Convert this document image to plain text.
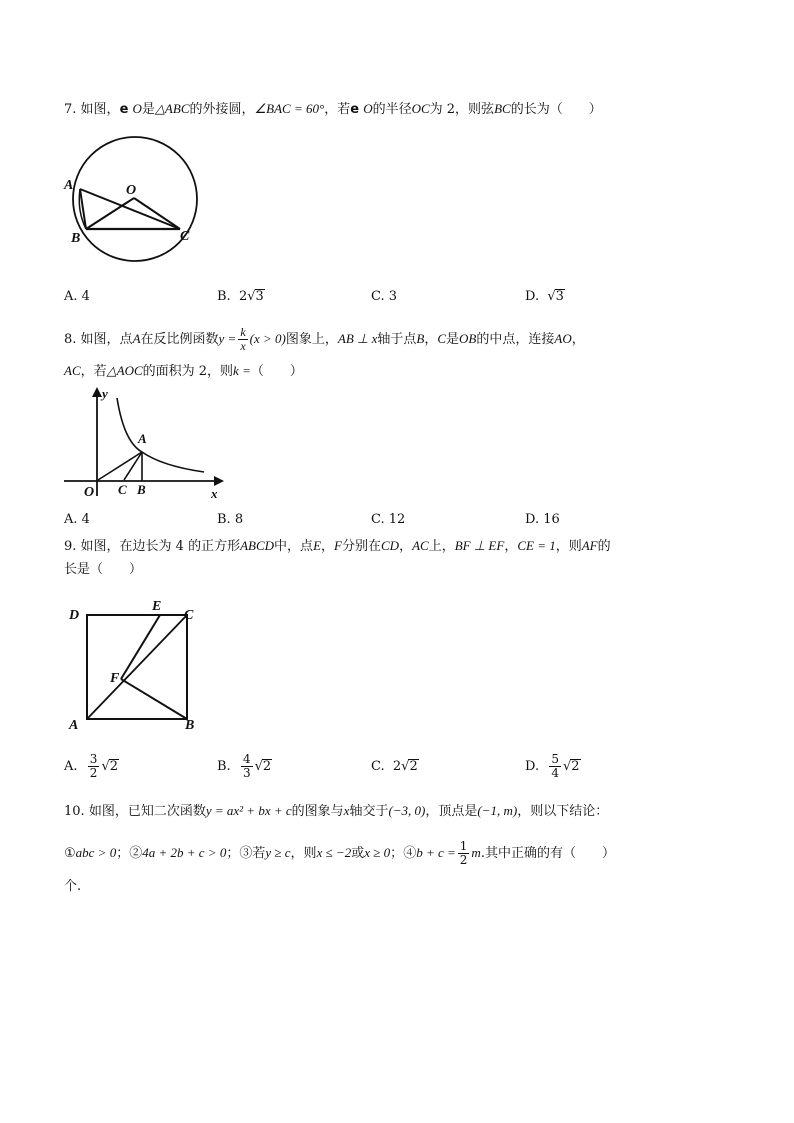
7. 如图，e O是△ABC的外接圆，∠BAC = 60°，若e O的半径OC为 2，则弦BC的长为（　　）
A	O
B	C
A. 4	B. 2√3	C. 3	D. √3
8. 如图，点A在反比例函数$y = \frac{k}{x} (x > 0)$图象上，AB ⊥ x轴于点B，C是OB的中点，连接AO，
AC，若△AOC的面积为 2，则k =（　　）
y
x
O C B
A
A. 4	B. 8	C. 12	D. 16
9. 如图，在边长为 4 的正方形ABCD中，点E，F分别在CD，AC上，BF ⊥ EF，CE = 1，则AF的
长是（　　）
D
E
C
F
A	B
A. $\frac{3}{2} √2$	B. $\frac{4}{3} √2$	C. 2√2	D. $\frac{5}{4} √2$
10. 如图，已知二次函数y = ax² + bx + c的图象与x轴交于(−3, 0)，顶点是(−1, m)，则以下结论：
①abc > 0；②4a + 2b + c > 0；③若y ≥ c，则x ≤ −2或x ≥ 0；④b + $c = \frac{1}{2} m$.其中正确的有（　　）
个.
